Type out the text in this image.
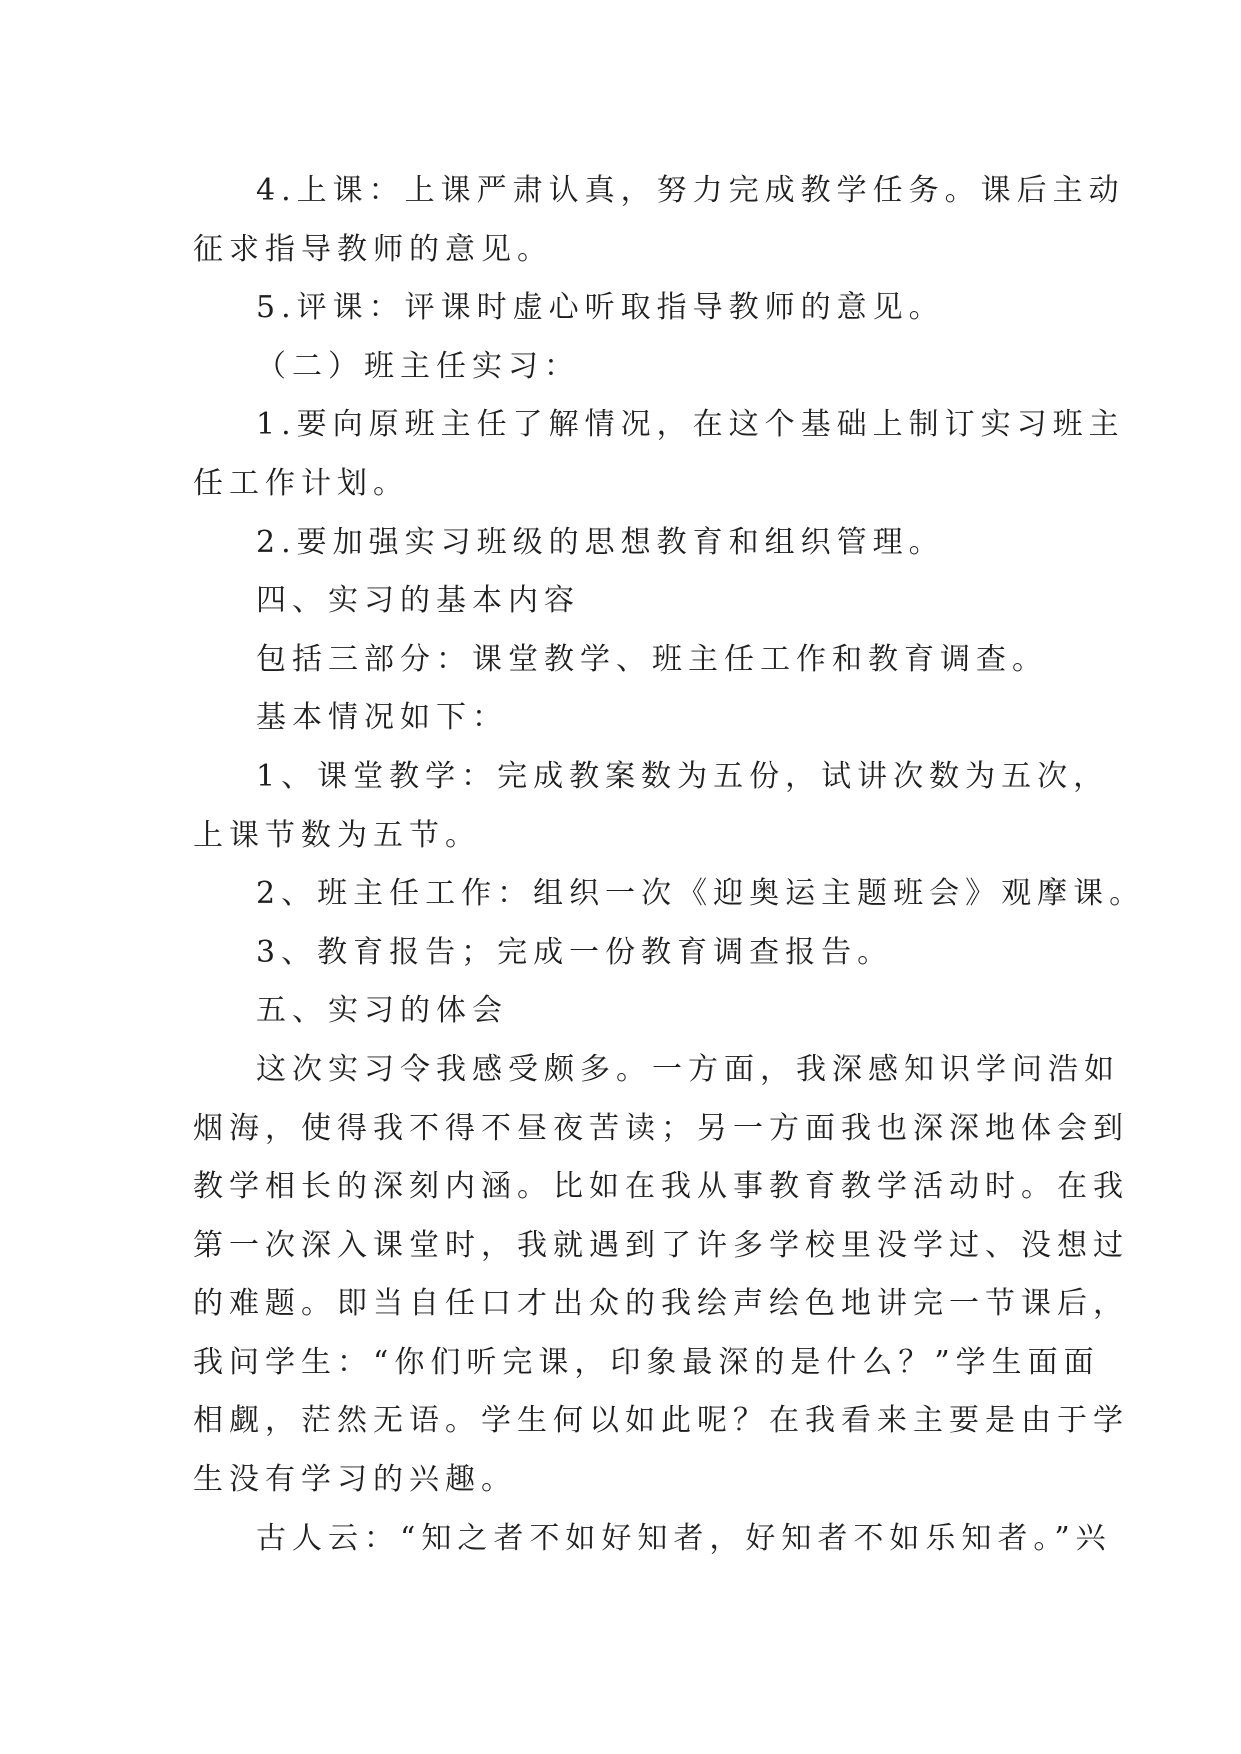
4.上课：上课严肃认真，努力完成教学任务。课后主动
征求指导教师的意见。
5.评课：评课时虚心听取指导教师的意见。
（二）班主任实习：
1.要向原班主任了解情况，在这个基础上制订实习班主
任工作计划。
2.要加强实习班级的思想教育和组织管理。
四、实习的基本内容
包括三部分：课堂教学、班主任工作和教育调查。
基本情况如下：
1、课堂教学：完成教案数为五份，试讲次数为五次，
上课节数为五节。
2、班主任工作：组织一次《迎奥运主题班会》观摩课。
3、教育报告；完成一份教育调查报告。
五、实习的体会
这次实习令我感受颇多。一方面，我深感知识学问浩如
烟海，使得我不得不昼夜苦读；另一方面我也深深地体会到
教学相长的深刻内涵。比如在我从事教育教学活动时。在我
第一次深入课堂时，我就遇到了许多学校里没学过、没想过
的难题。即当自任口才出众的我绘声绘色地讲完一节课后，
我问学生：“你们听完课，印象最深的是什么？”学生面面
相觑，茫然无语。学生何以如此呢？在我看来主要是由于学
生没有学习的兴趣。
古人云：“知之者不如好知者，好知者不如乐知者。”兴
